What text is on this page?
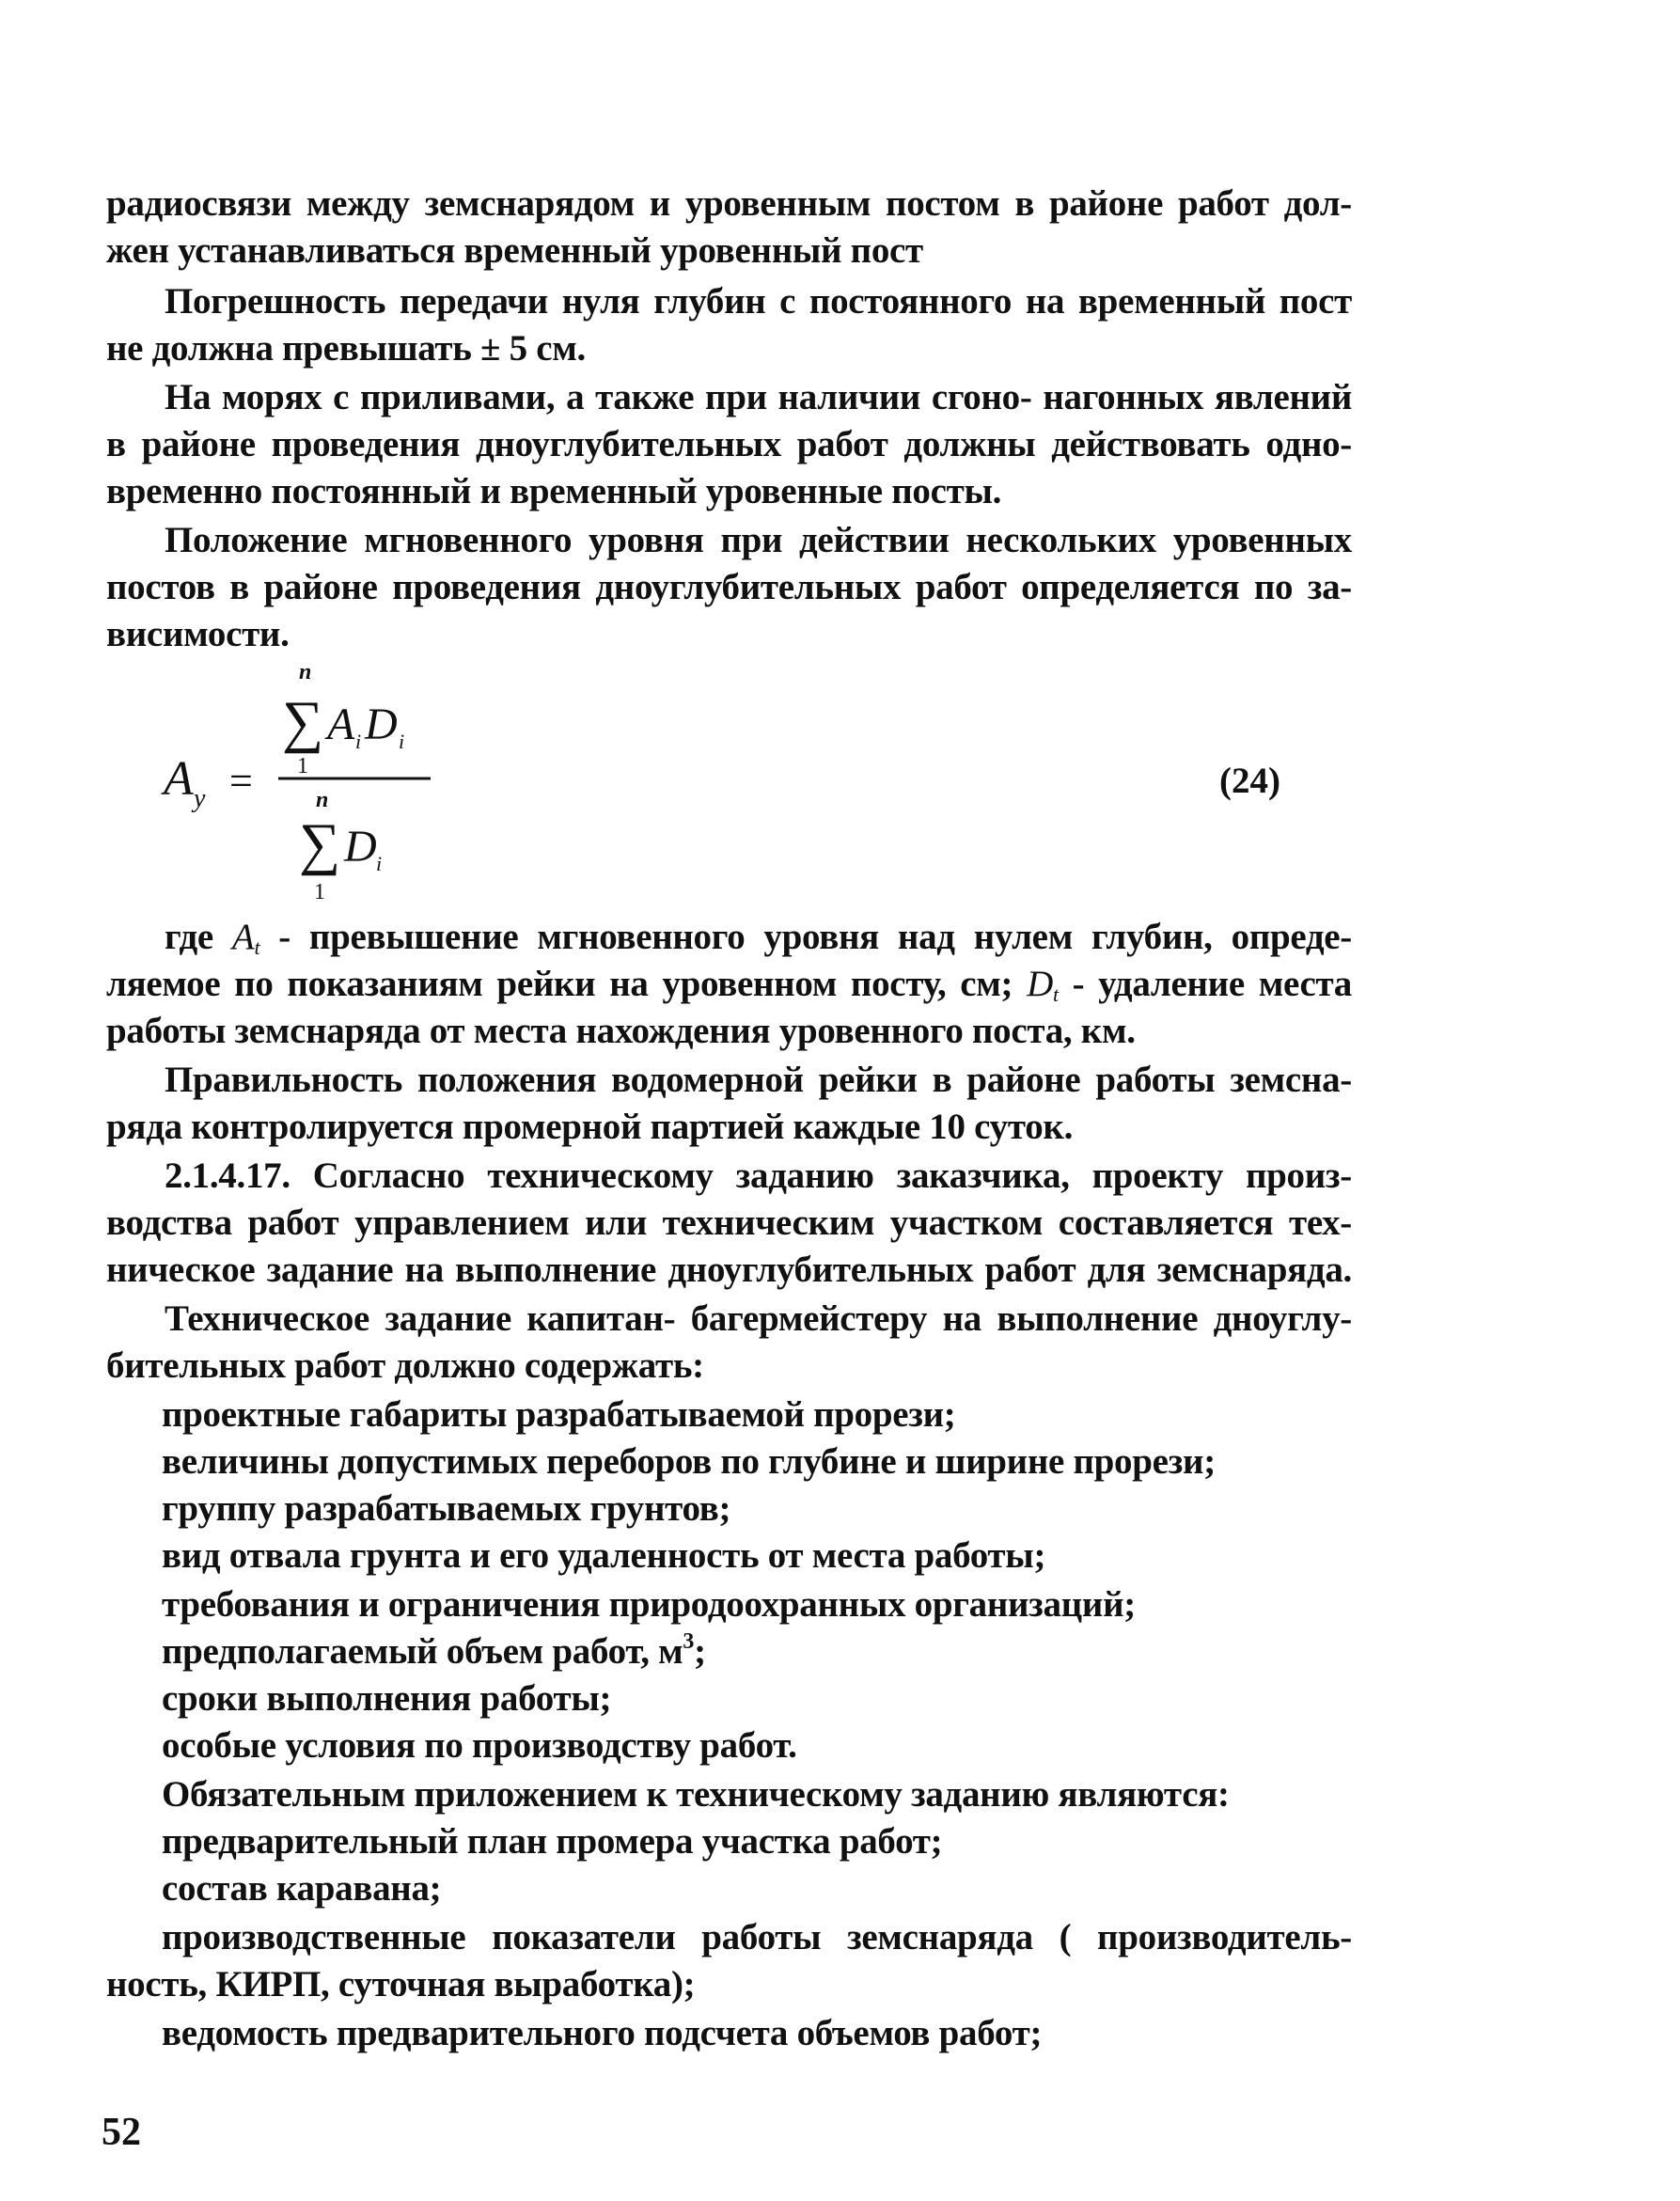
радиосвязи между земснарядом и уровенным постом в районе работ дол-
жен устанавливаться временный уровенный пост
Погрешность передачи нуля глубин с постоянного на временный пост
не должна превышать ± 5 см.
На морях с приливами, а также при наличии сгоно- нагонных явлений
в районе проведения дноуглубительных работ должны действовать одно-
временно постоянный и временный уровенные посты.
Положение мгновенного уровня при действии нескольких уровенных
постов в районе проведения дноуглубительных работ определяется по за-
висимости.
A y =
n
∑ A i D i
1
n
∑ D i
1
(24)
где $A_t$ - превышение мгновенного уровня над нулем глубин, опреде-
ляемое по показаниям рейки на уровенном посту, см; $D_t$ - удаление места
работы земснаряда от места нахождения уровенного поста, км.
Правильность положения водомерной рейки в районе работы земсна-
ряда контролируется промерной партией каждые 10 суток.
2.1.4.17. Согласно техническому заданию заказчика, проекту произ-
водства работ управлением или техническим участком составляется тех-
ническое задание на выполнение дноуглубительных работ для земснаряда.
Техническое задание капитан- багермейстеру на выполнение дноуглу-
бительных работ должно содержать:
проектные габариты разрабатываемой прорези;
величины допустимых переборов по глубине и ширине прорези;
группу разрабатываемых грунтов;
вид отвала грунта и его удаленность от места работы;
требования и ограничения природоохранных организаций;
предполагаемый объем работ, $м^3$;
сроки выполнения работы;
особые условия по производству работ.
Обязательным приложением к техническому заданию являются:
предварительный план промера участка работ;
состав каравана;
производственные показатели работы земснаряда ( производитель-
ность, КИРП, суточная выработка);
ведомость предварительного подсчета объемов работ;
52
